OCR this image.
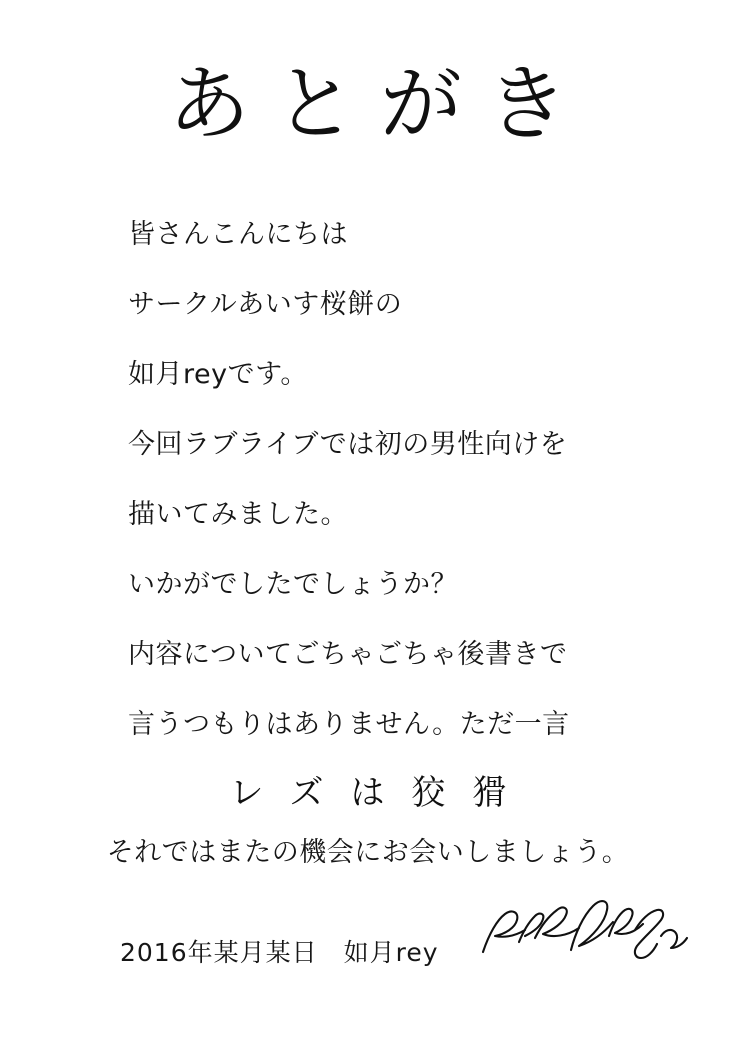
あとがき
皆さんこんにちは
サークルあいす桜餅の
如月reyです。
今回ラブライブでは初の男性向けを
描いてみました。
いかがでしたでしょうか？
内容についてごちゃごちゃ後書きで
言うつもりはありません。ただ一言
レズは狡猾
それではまたの機会にお会いしましょう。
2016年某月某日　如月rey
